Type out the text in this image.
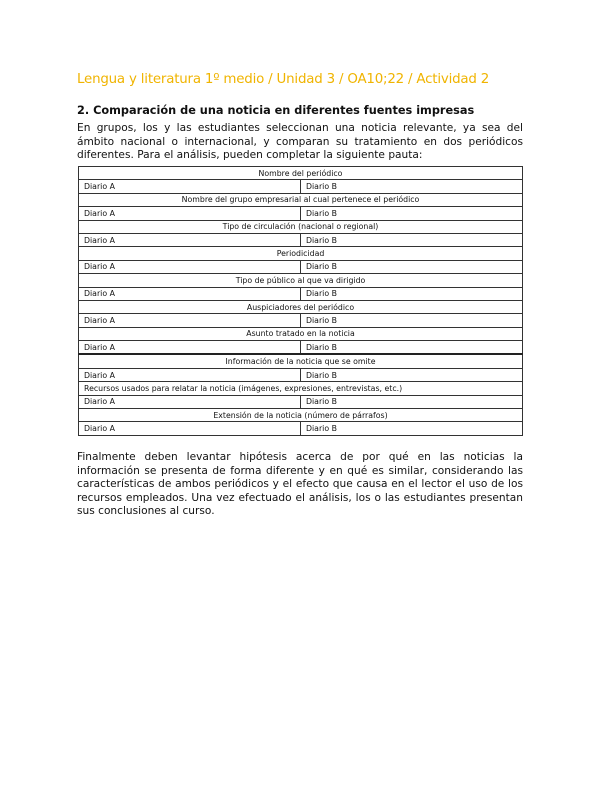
Lengua y literatura 1º medio / Unidad 3 / OA10;22 / Actividad 2
2. Comparación de una noticia en diferentes fuentes impresas
En grupos, los y las estudiantes seleccionan una noticia relevante, ya sea del ámbito nacional o internacional, y comparan su tratamiento en dos periódicos diferentes. Para el análisis, pueden completar la siguiente pauta:
Nombre del periódico	
Diario A	Diario B
Nombre del grupo empresarial al cual pertenece el periódico	
Diario A	Diario B
Tipo de circulación (nacional o regional)	
Diario A	Diario B
Periodicidad	
Diario A	Diario B
Tipo de público al que va dirigido	
Diario A	Diario B
Auspiciadores del periódico	
Diario A	Diario B
Asunto tratado en la noticia	
Diario A	Diario B
Información de la noticia que se omite	
Diario A	Diario B
Recursos usados para relatar la noticia (imágenes, expresiones, entrevistas, etc.)	
Diario A	Diario B
Extensión de la noticia (número de párrafos)	
Diario A	Diario B
Finalmente deben levantar hipótesis acerca de por qué en las noticias la información se presenta de forma diferente y en qué es similar, considerando las características de ambos periódicos y el efecto que causa en el lector el uso de los recursos empleados. Una vez efectuado el análisis, los o las estudiantes presentan sus conclusiones al curso.
